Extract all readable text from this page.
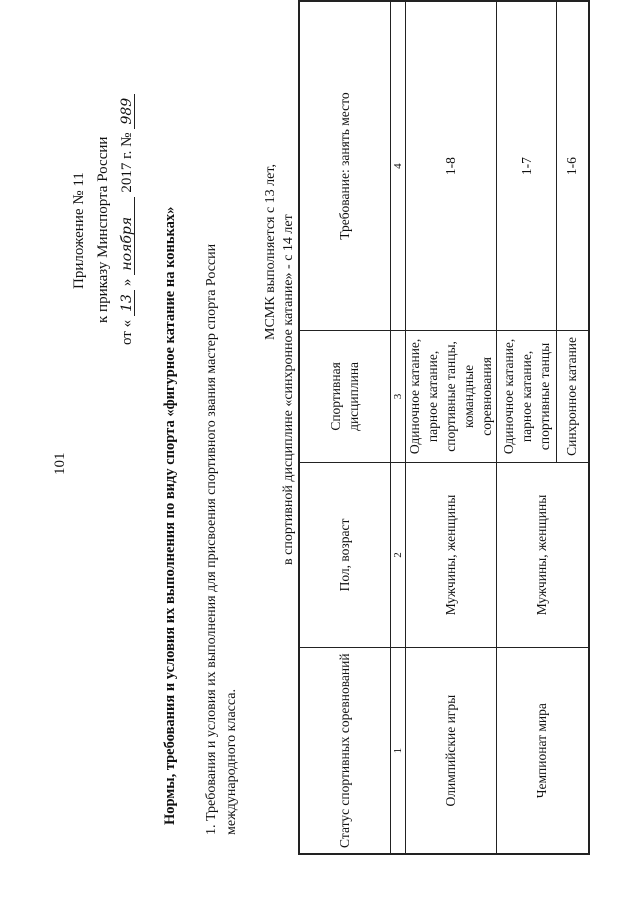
101
Приложение № 11 к приказу Минспорта России
от «
13
»
ноября
2017 г. №
989
Нормы, требования и условия их выполнения по виду спорта «фигурное катание на коньках» 1. Требования и условия их выполнения для присвоения спортивного звания мастер спорта России международного класса.
МСМК выполняется с 13 лет, в спортивной дисциплине «синхронное катание» - с 14 лет
Статус спортивных соревнований	Пол, возраст	Спортивная дисциплина	Требование: занять место
1	2	3	4
Олимпийские игры	Мужчины, женщины	Одиночное катание, парное катание, спортивные танцы, командные соревнования	1-8
Чемпионат мира	Мужчины, женщины	Одиночное катание, парное катание, спортивные танцы	1-7
		Синхронное катание	1-6
